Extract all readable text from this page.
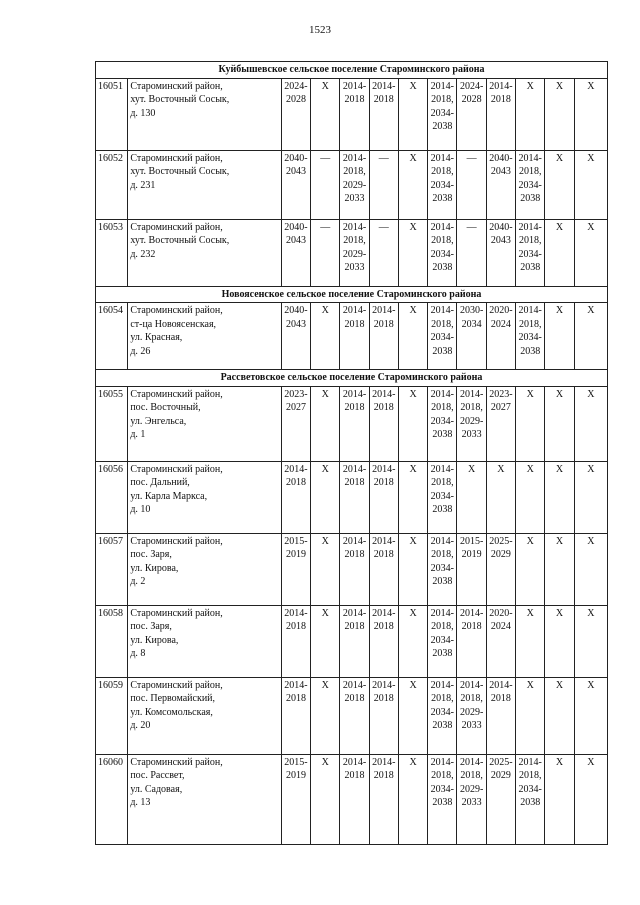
1523
Куйбышевское сельское поселение Староминского района												
16051	Староминский район,
хут. Восточный Сосык,
д. 130	2024-
2028	Х	2014-
2018	2014-
2018	Х	2014-
2018,
2034-
2038	2024-
2028	2014-
2018	Х	Х	Х
16052	Староминский район,
хут. Восточный Сосык,
д. 231	2040-
2043	—	2014-
2018,
2029-
2033	—	Х	2014-
2018,
2034-
2038	—	2040-
2043	2014-
2018,
2034-
2038	Х	Х
16053	Староминский район,
хут. Восточный Сосык,
д. 232	2040-
2043	—	2014-
2018,
2029-
2033	—	Х	2014-
2018,
2034-
2038	—	2040-
2043	2014-
2018,
2034-
2038	Х	Х
Новоясенское сельское поселение Староминского района												
16054	Староминский район,
ст-ца Новоясенская,
ул. Красная,
д. 26	2040-
2043	Х	2014-
2018	2014-
2018	Х	2014-
2018,
2034-
2038	2030-
2034	2020-
2024	2014-
2018,
2034-
2038	Х	Х
Рассветовское сельское поселение Староминского района												
16055	Староминский район,
пос. Восточный,
ул. Энгельса,
д. 1	2023-
2027	Х	2014-
2018	2014-
2018	Х	2014-
2018,
2034-
2038	2014-
2018,
2029-
2033	2023-
2027	Х	Х	Х
16056	Староминский район,
пос. Дальний,
ул. Карла Маркса,
д. 10	2014-
2018	Х	2014-
2018	2014-
2018	Х	2014-
2018,
2034-
2038	Х	Х	Х	Х	Х
16057	Староминский район,
пос. Заря,
ул. Кирова,
д. 2	2015-
2019	Х	2014-
2018	2014-
2018	Х	2014-
2018,
2034-
2038	2015-
2019	2025-
2029	Х	Х	Х
16058	Староминский район,
пос. Заря,
ул. Кирова,
д. 8	2014-
2018	Х	2014-
2018	2014-
2018	Х	2014-
2018,
2034-
2038	2014-
2018	2020-
2024	Х	Х	Х
16059	Староминский район,
пос. Первомайский,
ул. Комсомольская,
д. 20	2014-
2018	Х	2014-
2018	2014-
2018	Х	2014-
2018,
2034-
2038	2014-
2018,
2029-
2033	2014-
2018	Х	Х	Х
16060	Староминский район,
пос. Рассвет,
ул. Садовая,
д. 13	2015-
2019	Х	2014-
2018	2014-
2018	Х	2014-
2018,
2034-
2038	2014-
2018,
2029-
2033	2025-
2029	2014-
2018,
2034-
2038	Х	Х
